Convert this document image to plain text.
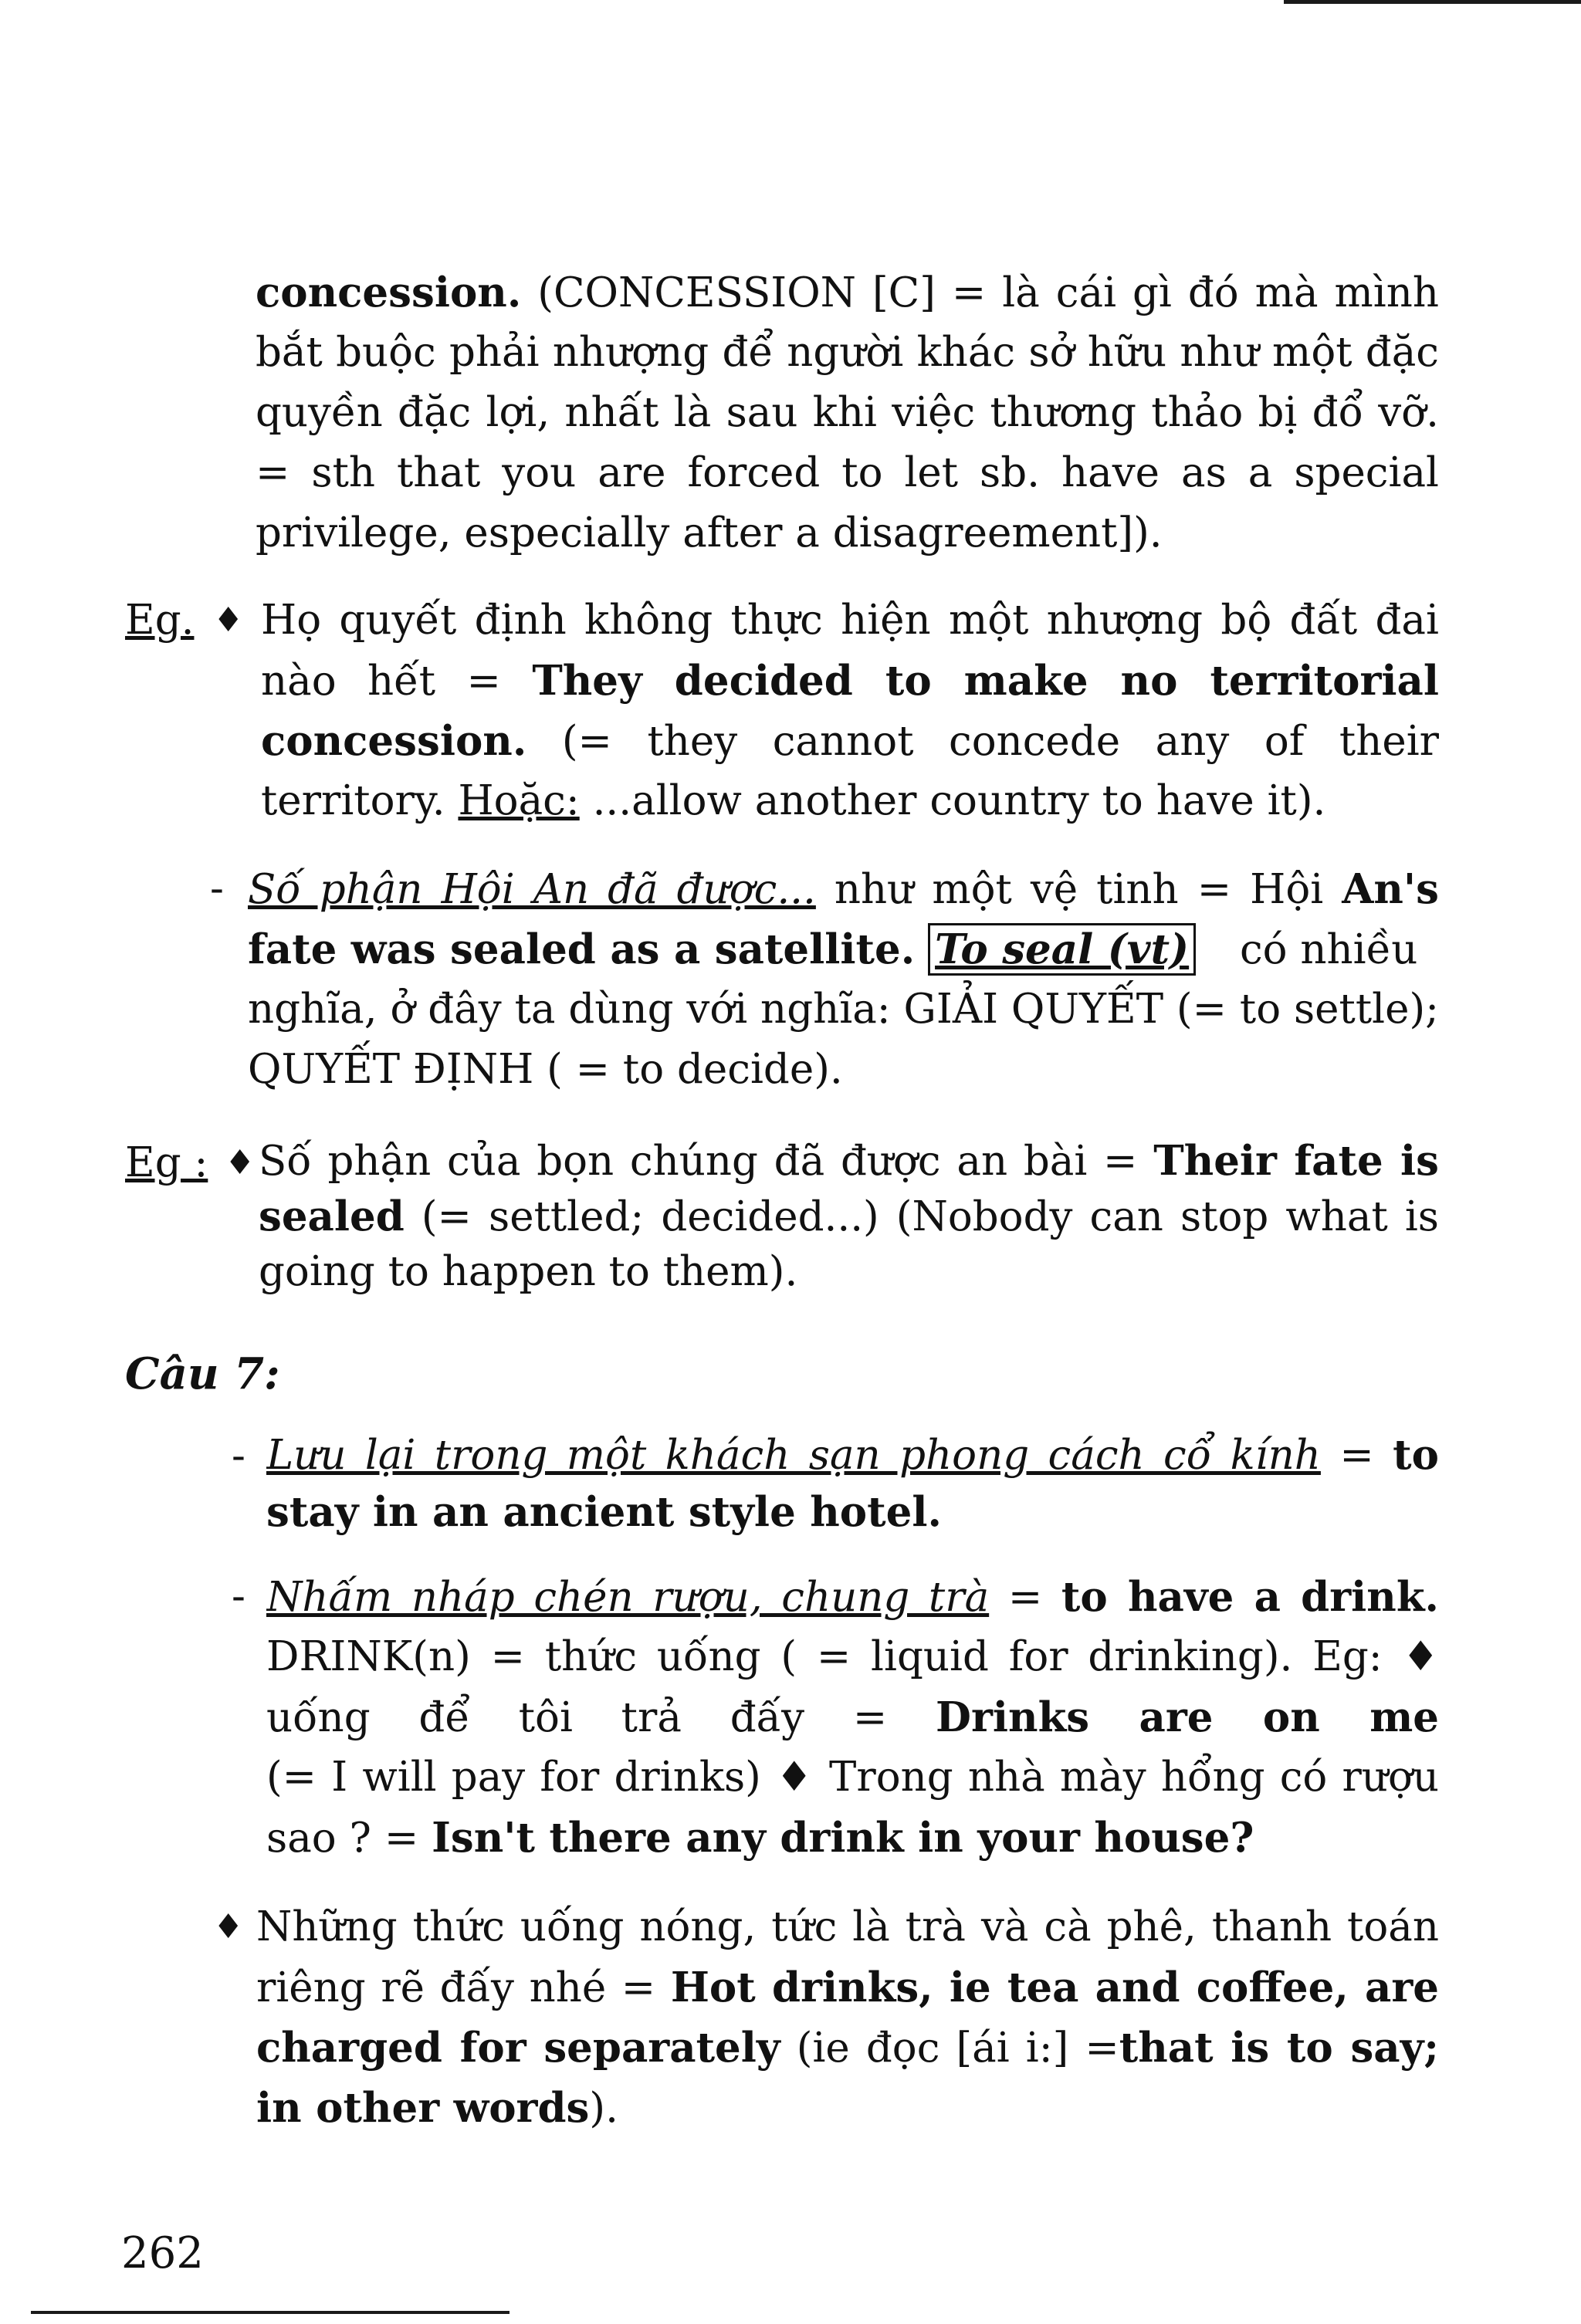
concession. (CONCESSION [C] = là cái gì đó mà mình
bắt buộc phải nhượng để người khác sở hữu như một đặc
quyền đặc lợi, nhất là sau khi việc thương thảo bị đổ vỡ.
= sth that you are forced to let sb. have as a special
privilege, especially after a disagreement]).
Eg. ♦ Họ quyết định không thực hiện một nhượng bộ đất đai
nào hết = They decided to make no territorial
concession. (= they cannot concede any of their
territory. Hoặc: ...allow another country to have it).
- Số phận Hội An đã được... như một vệ tinh = Hội An's
fate was sealed as a satellite. To seal (vt) có nhiều
nghĩa, ở đây ta dùng với nghĩa: GIẢI QUYẾT (= to settle);
QUYẾT ĐỊNH ( = to decide).
Eg : ♦ Số phận của bọn chúng đã được an bài = Their fate is
sealed (= settled; decided...) (Nobody can stop what is
going to happen to them).
Câu 7:
- Lưu lại trong một khách sạn phong cách cổ kính = to
stay in an ancient style hotel.
- Nhấm nháp chén rượu, chung trà = to have a drink.
DRINK(n) = thức uống ( = liquid for drinking). Eg: ♦
uống để tôi trả đấy = Drinks are on me
(= I will pay for drinks) ♦ Trong nhà mày hổng có rượu
sao ? = Isn't there any drink in your house?
♦ Những thức uống nóng, tức là trà và cà phê, thanh toán
riêng rẽ đấy nhé = Hot drinks, ie tea and coffee, are
charged for separately (ie đọc [ái i:] =that is to say;
in other words).
262
